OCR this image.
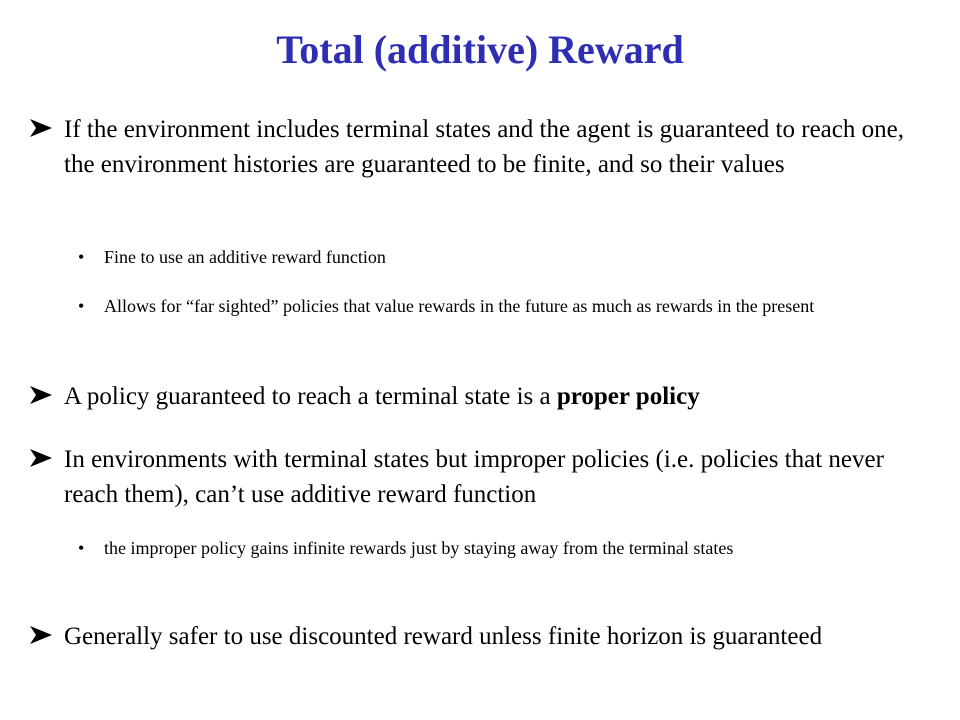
Total (additive) Reward
If the environment includes terminal states and the agent is guaranteed to reach one, the environment histories are guaranteed to be finite, and so their values
• Fine to use an additive reward function
• Allows for “far sighted” policies that value rewards in the future as much as rewards in the present
A policy guaranteed to reach a terminal state is a proper policy
In environments with terminal states but improper policies (i.e. policies that never reach them), can’t use additive reward function
• the improper policy gains infinite rewards just by staying away from the terminal states
Generally safer to use discounted reward unless finite horizon is guaranteed
